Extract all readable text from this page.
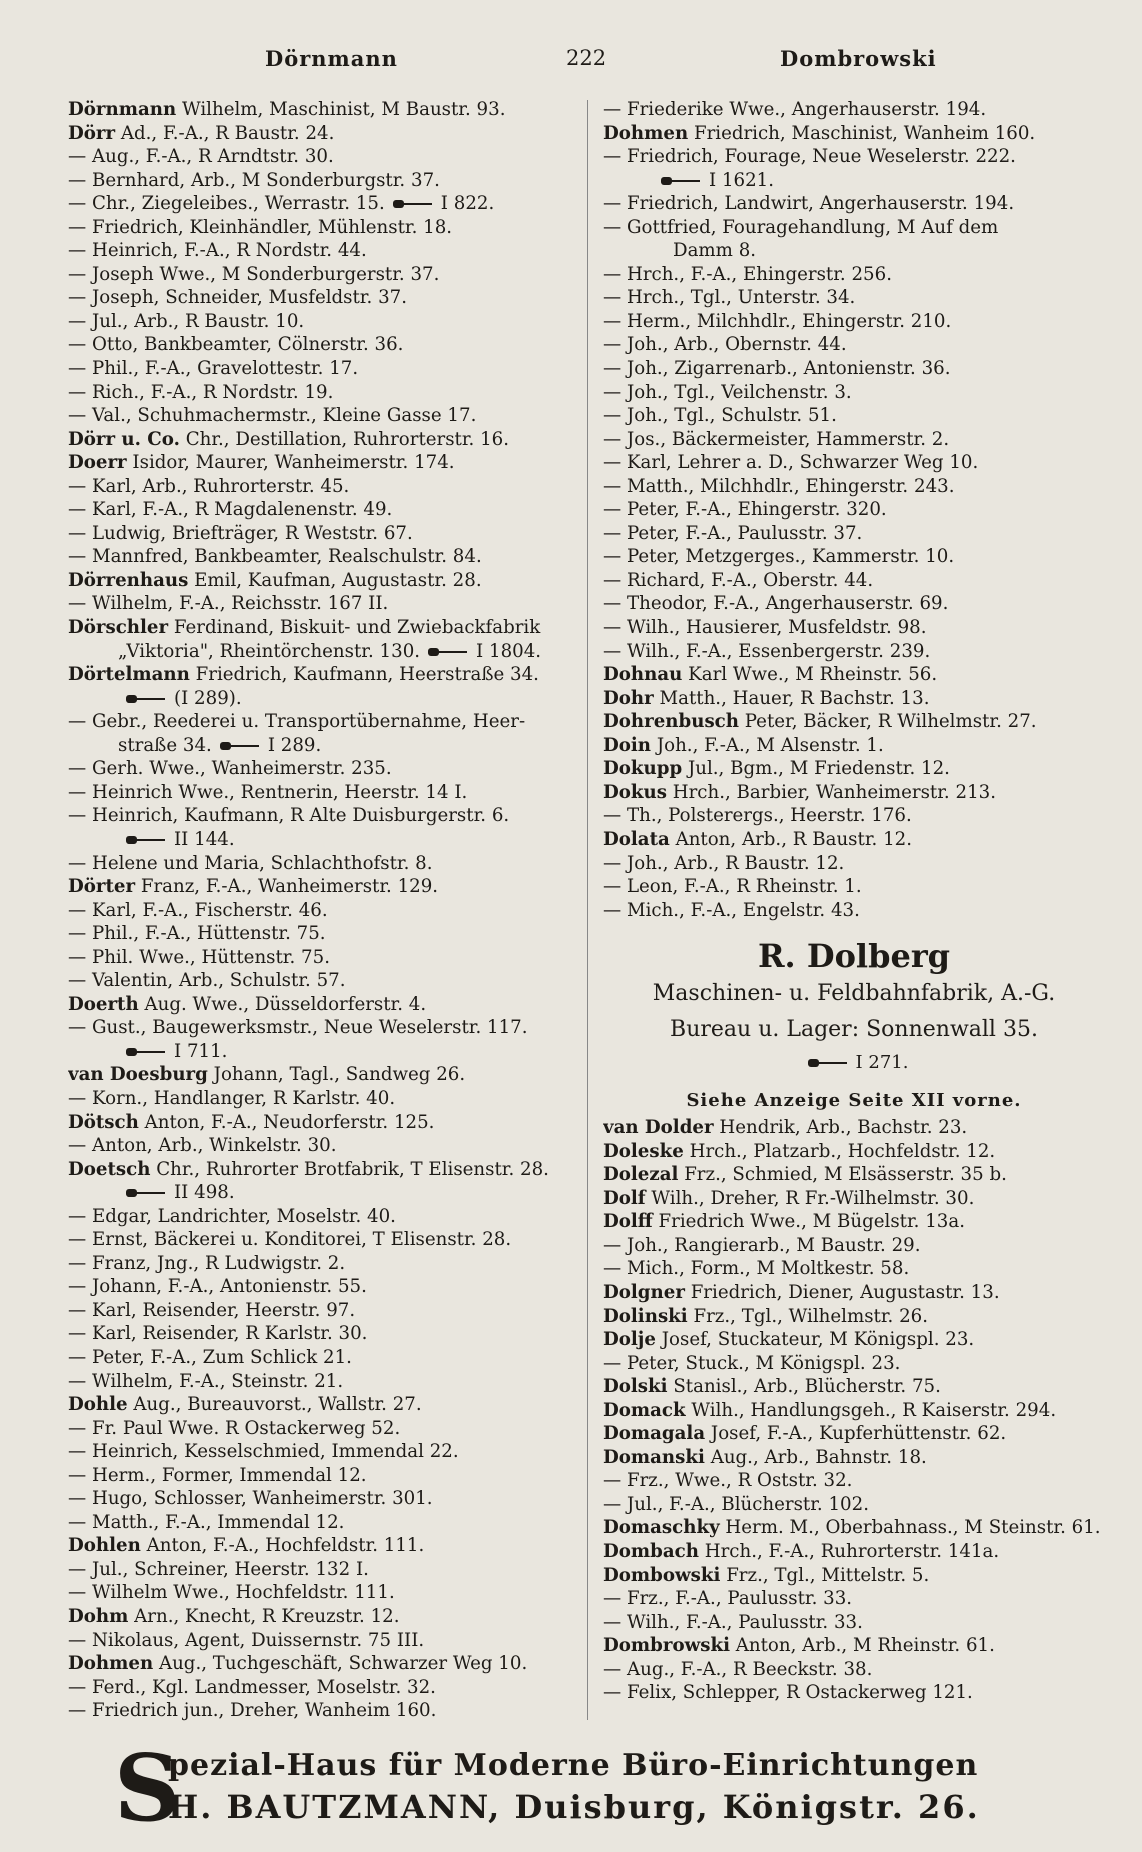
Dörnmann	222	Dombrowski
Dörnmann Wilhelm, Maschinist, M Baustr. 93.
Dörr Ad., F.-A., R Baustr. 24.
— Aug., F.-A., R Arndtstr. 30.
— Bernhard, Arb., M Sonderburgstr. 37.
— Chr., Ziegeleibes., Werrastr. 15.	I 822.
— Friedrich, Kleinhändler, Mühlenstr. 18.
— Heinrich, F.-A., R Nordstr. 44.
— Joseph Wwe., M Sonderburgerstr. 37.
— Joseph, Schneider, Musfeldstr. 37.
— Jul., Arb., R Baustr. 10.
— Otto, Bankbeamter, Cölnerstr. 36.
— Phil., F.-A., Gravelottestr. 17.
— Rich., F.-A., R Nordstr. 19.
— Val., Schuhmachermstr., Kleine Gasse 17.
Dörr u. Co. Chr., Destillation, Ruhrorterstr. 16.
Doerr Isidor, Maurer, Wanheimerstr. 174.
— Karl, Arb., Ruhrorterstr. 45.
— Karl, F.-A., R Magdalenenstr. 49.
— Ludwig, Briefträger, R Weststr. 67.
— Mannfred, Bankbeamter, Realschulstr. 84.
Dörrenhaus Emil, Kaufman, Augustastr. 28.
— Wilhelm, F.-A., Reichsstr. 167 II.
Dörschler Ferdinand, Biskuit- und Zwiebackfabrik
„Viktoria", Rheintörchenstr. 130.	I 1804.
Dörtelmann Friedrich, Kaufmann, Heerstraße 34.
(I 289).
— Gebr., Reederei u. Transportübernahme, Heer-
straße 34.	I 289.
— Gerh. Wwe., Wanheimerstr. 235.
— Heinrich Wwe., Rentnerin, Heerstr. 14 I.
— Heinrich, Kaufmann, R Alte Duisburgerstr. 6.
II 144.
— Helene und Maria, Schlachthofstr. 8.
Dörter Franz, F.-A., Wanheimerstr. 129.
— Karl, F.-A., Fischerstr. 46.
— Phil., F.-A., Hüttenstr. 75.
— Phil. Wwe., Hüttenstr. 75.
— Valentin, Arb., Schulstr. 57.
Doerth Aug. Wwe., Düsseldorferstr. 4.
— Gust., Baugewerksmstr., Neue Weselerstr. 117.
I 711.
van Doesburg Johann, Tagl., Sandweg 26.
— Korn., Handlanger, R Karlstr. 40.
Dötsch Anton, F.-A., Neudorferstr. 125.
— Anton, Arb., Winkelstr. 30.
Doetsch Chr., Ruhrorter Brotfabrik, T Elisenstr. 28.
II 498.
— Edgar, Landrichter, Moselstr. 40.
— Ernst, Bäckerei u. Konditorei, T Elisenstr. 28.
— Franz, Jng., R Ludwigstr. 2.
— Johann, F.-A., Antonienstr. 55.
— Karl, Reisender, Heerstr. 97.
— Karl, Reisender, R Karlstr. 30.
— Peter, F.-A., Zum Schlick 21.
— Wilhelm, F.-A., Steinstr. 21.
Dohle Aug., Bureauvorst., Wallstr. 27.
— Fr. Paul Wwe. R Ostackerweg 52.
— Heinrich, Kesselschmied, Immendal 22.
— Herm., Former, Immendal 12.
— Hugo, Schlosser, Wanheimerstr. 301.
— Matth., F.-A., Immendal 12.
Dohlen Anton, F.-A., Hochfeldstr. 111.
— Jul., Schreiner, Heerstr. 132 I.
— Wilhelm Wwe., Hochfeldstr. 111.
Dohm Arn., Knecht, R Kreuzstr. 12.
— Nikolaus, Agent, Duissernstr. 75 III.
Dohmen Aug., Tuchgeschäft, Schwarzer Weg 10.
— Ferd., Kgl. Landmesser, Moselstr. 32.
— Friedrich jun., Dreher, Wanheim 160.
— Friederike Wwe., Angerhauserstr. 194.
Dohmen Friedrich, Maschinist, Wanheim 160.
— Friedrich, Fourage, Neue Weselerstr. 222.
I 1621.
— Friedrich, Landwirt, Angerhauserstr. 194.
— Gottfried, Fouragehandlung, M Auf dem
Damm 8.
— Hrch., F.-A., Ehingerstr. 256.
— Hrch., Tgl., Unterstr. 34.
— Herm., Milchhdlr., Ehingerstr. 210.
— Joh., Arb., Obernstr. 44.
— Joh., Zigarrenarb., Antonienstr. 36.
— Joh., Tgl., Veilchenstr. 3.
— Joh., Tgl., Schulstr. 51.
— Jos., Bäckermeister, Hammerstr. 2.
— Karl, Lehrer a. D., Schwarzer Weg 10.
— Matth., Milchhdlr., Ehingerstr. 243.
— Peter, F.-A., Ehingerstr. 320.
— Peter, F.-A., Paulusstr. 37.
— Peter, Metzgerges., Kammerstr. 10.
— Richard, F.-A., Oberstr. 44.
— Theodor, F.-A., Angerhauserstr. 69.
— Wilh., Hausierer, Musfeldstr. 98.
— Wilh., F.-A., Essenbergerstr. 239.
Dohnau Karl Wwe., M Rheinstr. 56.
Dohr Matth., Hauer, R Bachstr. 13.
Dohrenbusch Peter, Bäcker, R Wilhelmstr. 27.
Doin Joh., F.-A., M Alsenstr. 1.
Dokupp Jul., Bgm., M Friedenstr. 12.
Dokus Hrch., Barbier, Wanheimerstr. 213.
— Th., Polsterergs., Heerstr. 176.
Dolata Anton, Arb., R Baustr. 12.
— Joh., Arb., R Baustr. 12.
— Leon, F.-A., R Rheinstr. 1.
— Mich., F.-A., Engelstr. 43.
R. Dolberg
Maschinen- u. Feldbahnfabrik, A.-G.
Bureau u. Lager: Sonnenwall 35.
I 271.
Siehe Anzeige Seite XII vorne.
van Dolder Hendrik, Arb., Bachstr. 23.
Doleske Hrch., Platzarb., Hochfeldstr. 12.
Dolezal Frz., Schmied, M Elsässerstr. 35 b.
Dolf Wilh., Dreher, R Fr.-Wilhelmstr. 30.
Dolff Friedrich Wwe., M Bügelstr. 13a.
— Joh., Rangierarb., M Baustr. 29.
— Mich., Form., M Moltkestr. 58.
Dolgner Friedrich, Diener, Augustastr. 13.
Dolinski Frz., Tgl., Wilhelmstr. 26.
Dolje Josef, Stuckateur, M Königspl. 23.
— Peter, Stuck., M Königspl. 23.
Dolski Stanisl., Arb., Blücherstr. 75.
Domack Wilh., Handlungsgeh., R Kaiserstr. 294.
Domagala Josef, F.-A., Kupferhüttenstr. 62.
Domanski Aug., Arb., Bahnstr. 18.
— Frz., Wwe., R Oststr. 32.
— Jul., F.-A., Blücherstr. 102.
Domaschky Herm. M., Oberbahnass., M Steinstr. 61.
Dombach Hrch., F.-A., Ruhrorterstr. 141a.
Dombowski Frz., Tgl., Mittelstr. 5.
— Frz., F.-A., Paulusstr. 33.
— Wilh., F.-A., Paulusstr. 33.
Dombrowski Anton, Arb., M Rheinstr. 61.
— Aug., F.-A., R Beeckstr. 38.
— Felix, Schlepper, R Ostackerweg 121.
S
pezial-Haus für Moderne Büro-Einrichtungen
H. BAUTZMANN, Duisburg, Königstr. 26.
